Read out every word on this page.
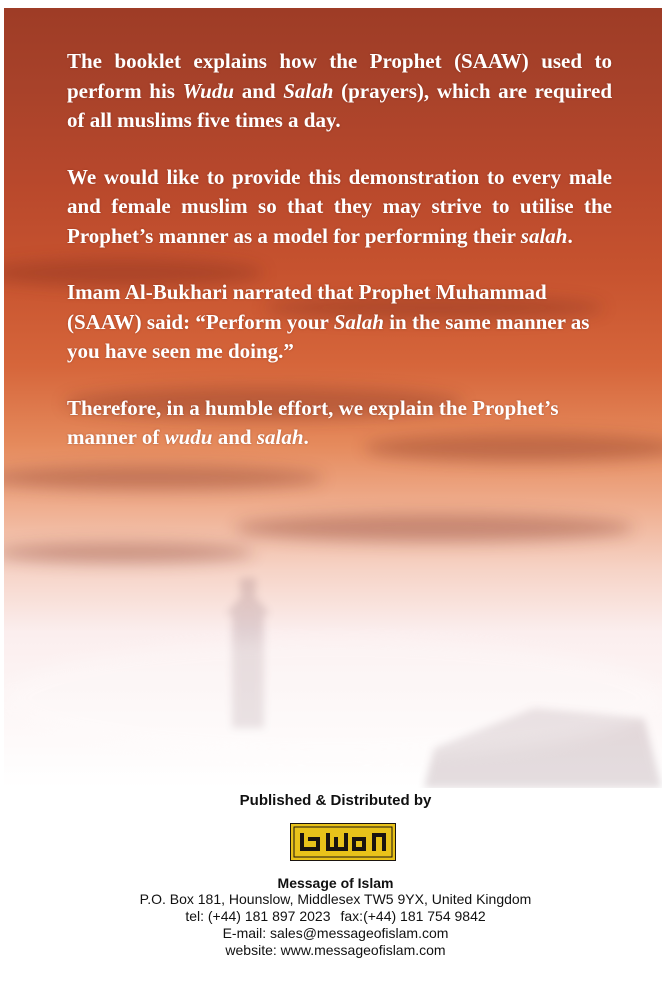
The booklet explains how the Prophet (SAAW) used to perform his Wudu and Salah (prayers), which are required of all muslims five times a day.

We would like to provide this demonstration to every male and female muslim so that they may strive to utilise the Prophet’s manner as a model for performing their salah.

Imam Al-Bukhari narrated that Prophet Muhammad (SAAW) said: “Perform your Salah in the same manner as you have seen me doing.”

Therefore, in a humble effort, we explain the Prophet’s manner of wudu and salah.

Published & Distributed by
Message of Islam
P.O. Box 181, Hounslow, Middlesex TW5 9YX, United Kingdom
tel: (+44) 181 897 2023 fax:(+44) 181 754 9842
E-mail: sales@messageofislam.com
website: www.messageofislam.com
